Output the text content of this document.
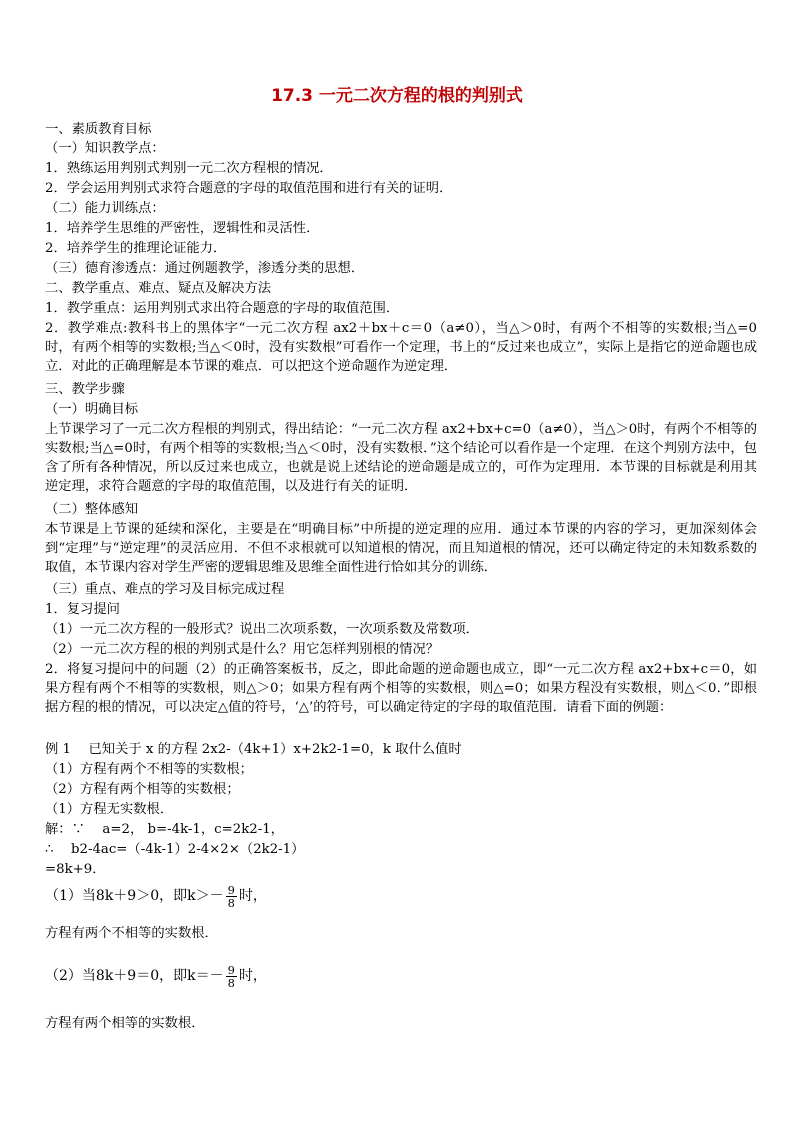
17.3 一元二次方程的根的判别式
一、素质教育目标
（一）知识教学点：
1．熟练运用判别式判别一元二次方程根的情况．
2．学会运用判别式求符合题意的字母的取值范围和进行有关的证明．
（二）能力训练点：
1．培养学生思维的严密性，逻辑性和灵活性．
2．培养学生的推理论证能力．
（三）德育渗透点：通过例题教学，渗透分类的思想．
二、教学重点、难点、疑点及解决方法
1．教学重点：运用判别式求出符合题意的字母的取值范围．
2．教学难点:教科书上的黑体字“一元二次方程 ax2＋bx＋c＝0（a≠0），当△＞0时，有两个不相等的实数根;当△=0时，有两个相等的实数根;当△＜0时，没有实数根”可看作一个定理，书上的“反过来也成立”，实际上是指它的逆命题也成立．对此的正确理解是本节课的难点．可以把这个逆命题作为逆定理．
三、教学步骤
（一）明确目标
上节课学习了一元二次方程根的判别式，得出结论：“一元二次方程 ax2+bx+c=0（a≠0），当△＞0时，有两个不相等的实数根;当△=0时，有两个相等的实数根;当△＜0时，没有实数根．”这个结论可以看作是一个定理．在这个判别方法中，包含了所有各种情况，所以反过来也成立，也就是说上述结论的逆命题是成立的，可作为定理用．本节课的目标就是利用其逆定理，求符合题意的字母的取值范围，以及进行有关的证明．
（二）整体感知
本节课是上节课的延续和深化，主要是在“明确目标”中所提的逆定理的应用．通过本节课的内容的学习，更加深刻体会到“定理”与“逆定理”的灵活应用．不但不求根就可以知道根的情况，而且知道根的情况，还可以确定待定的未知数系数的取值，本节课内容对学生严密的逻辑思维及思维全面性进行恰如其分的训练．
（三）重点、难点的学习及目标完成过程
1．复习提问
（1）一元二次方程的一般形式？说出二次项系数，一次项系数及常数项．
（2）一元二次方程的根的判别式是什么？用它怎样判别根的情况？
2．将复习提问中的问题（2）的正确答案板书，反之，即此命题的逆命题也成立，即“一元二次方程 ax2+bx+c＝0，如果方程有两个不相等的实数根，则△＞0；如果方程有两个相等的实数根，则△=0；如果方程没有实数根，则△＜0．”即根据方程的根的情况，可以决定△值的符号，‘△’的符号，可以确定待定的字母的取值范围．请看下面的例题：
例 1　 已知关于 x 的方程 2x2-（4k+1）x+2k2-1=0，k 取什么值时
（1）方程有两个不相等的实数根；
（2）方程有两个相等的实数根；
（1）方程无实数根．
解：∵　 a=2， b=-4k-1，c=2k2-1，
∴　 b2-4ac=（-4k-1）2-4×2×（2k2-1）
=8k+9．
（1）当8k＋9＞0，即$k>- \frac{9}{8}$ 时，
方程有两个不相等的实数根．
（2）当8k＋9＝0，即$k=- \frac{9}{8}$ 时，
方程有两个相等的实数根．
